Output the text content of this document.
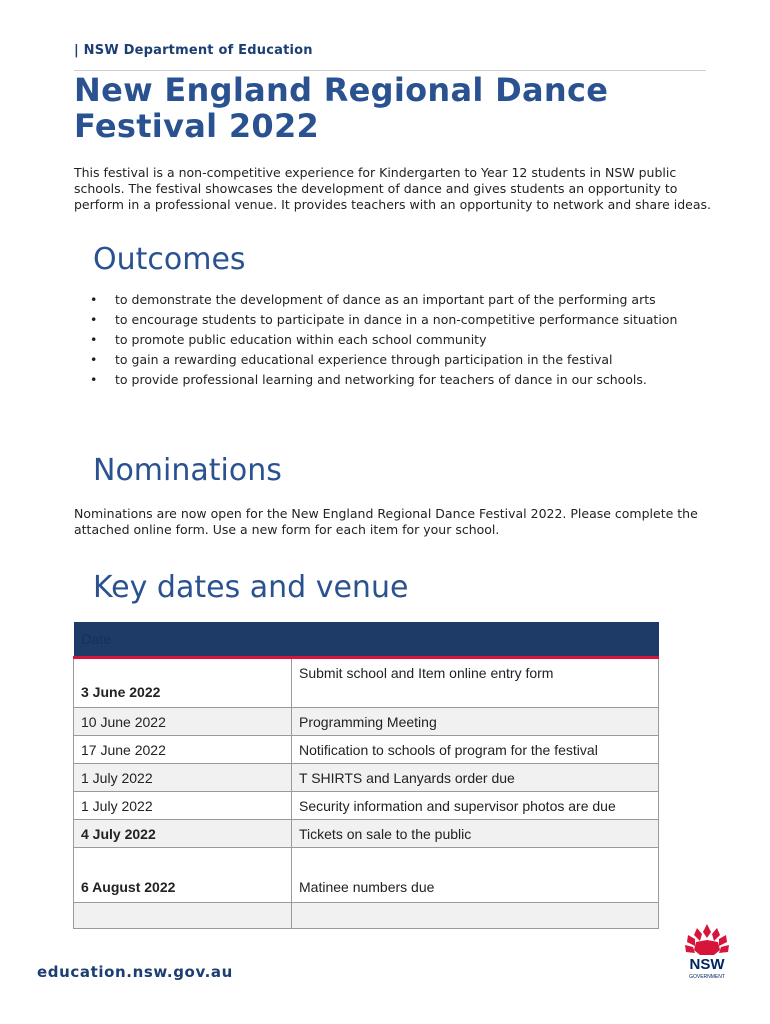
| NSW Department of Education
New England Regional Dance Festival 2022

This festival is a non-competitive experience for Kindergarten to Year 12 students in NSW public schools. The festival showcases the development of dance and gives students an opportunity to perform in a professional venue. It provides teachers with an opportunity to network and share ideas.

Outcomes
• to demonstrate the development of dance as an important part of the performing arts
• to encourage students to participate in dance in a non-competitive performance situation
• to promote public education within each school community
• to gain a rewarding educational experience through participation in the festival
• to provide professional learning and networking for teachers of dance in our schools.
Nominations

Nominations are now open for the New England Regional Dance Festival 2022. Please complete the attached online form. Use a new form for each item for your school.

Key dates and venue
Date	Task
3 June 2022	Submit school and Item online entry form
10 June 2022	Programming Meeting
17 June 2022	Notification to schools of program for the festival
1 July 2022	T SHIRTS and Lanyards order due
1 July 2022	Security information and supervisor photos are due
4 July 2022	Tickets on sale to the public
6 August 2022	Matinee numbers due

education.nsw.gov.au	NSW
GOVERNMENT
